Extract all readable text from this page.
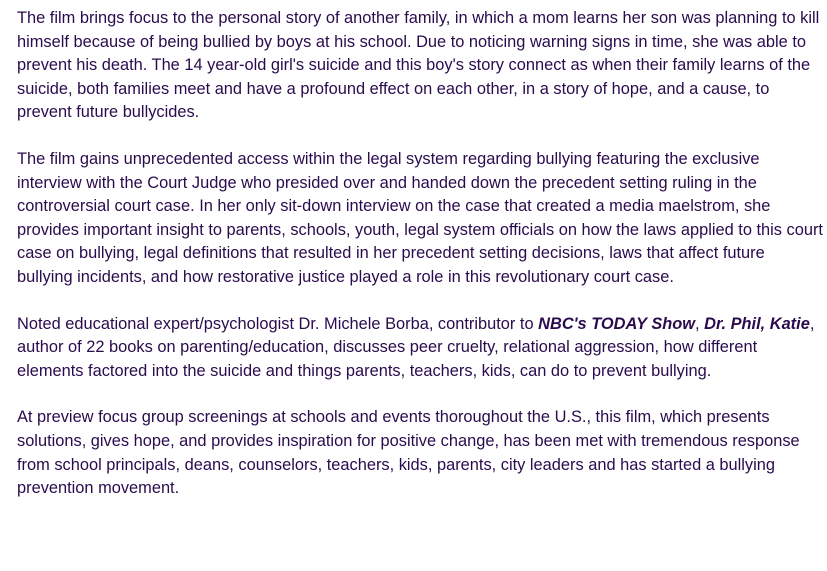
The film brings focus to the personal story of another family, in which a mom learns her son was planning to kill himself because of being bullied by boys at his school. Due to noticing warning signs in time, she was able to prevent his death. The 14 year-old girl's suicide and this boy's story connect as when their family learns of the suicide, both families meet and have a profound effect on each other, in a story of hope, and a cause, to prevent future bullycides.

The film gains unprecedented access within the legal system regarding bullying featuring the exclusive interview with the Court Judge who presided over and handed down the precedent setting ruling in the controversial court case. In her only sit-down interview on the case that created a media maelstrom, she provides important insight to parents, schools, youth, legal system officials on how the laws applied to this court case on bullying, legal definitions that resulted in her precedent setting decisions, laws that affect future bullying incidents, and how restorative justice played a role in this revolutionary court case.

Noted educational expert/psychologist Dr. Michele Borba, contributor to NBC's TODAY Show, Dr. Phil, Katie, author of 22 books on parenting/education, discusses peer cruelty, relational aggression, how different elements factored into the suicide and things parents, teachers, kids, can do to prevent bullying.

At preview focus group screenings at schools and events thoroughout the U.S., this film, which presents solutions, gives hope, and provides inspiration for positive change, has been met with tremendous response from school principals, deans, counselors, teachers, kids, parents, city leaders and has started a bullying prevention movement.
